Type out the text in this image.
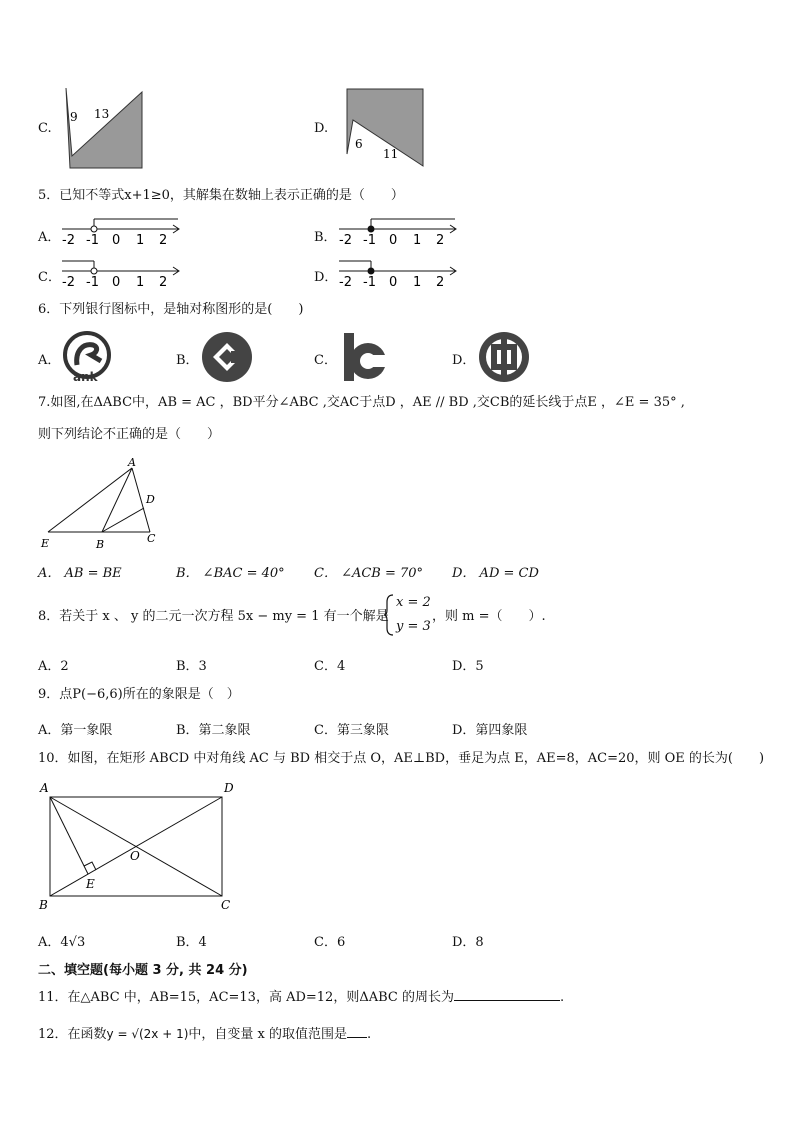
C.
9 13
D.
6
11
5．已知不等式x+1≥0，其解集在数轴上表示正确的是（　　）
A． -2 -1 0 1 2	B． -2 -1 0 1 2
C． -2 -1 0 1 2	D． -2 -1 0 1 2
6．下列银行图标中，是轴对称图形的是(　　)
A．
ank
B．	C．	D．
7.如图,在ΔABC中，AB = AC ，BD平分∠ABC ,交AC于点D ，AE // BD ,交CB的延长线于点E ，∠E = 35° ,
则下列结论不正确的是（　　）
A
D
E	B	C
A． AB = BE	B． ∠BAC = 40° C． ∠ACB = 70° D． AD = CD
8．若关于 x 、 y 的二元一次方程 5x − my = 1 有一个解是
x = 2
y = 3
，则 m =（　　）.
A．2	B．3	C．4	D．5
9．点P(−6,6)所在的象限是（　）
A．第一象限	B．第二象限	C．第三象限	D．第四象限
10．如图，在矩形 ABCD 中对角线 AC 与 BD 相交于点 O，AE⊥BD，垂足为点 E，AE=8，AC=20，则 OE 的长为(　　)
A	D
O
E
B	C
A．4√3	B．4	C．6	D．8
二、填空题(每小题 3 分, 共 24 分)
11．在△ABC 中，AB=15，AC=13，高 AD=12，则ΔABC 的周长为	.
12．在函数y = √(2x + 1)中，自变量 x 的取值范围是 .
